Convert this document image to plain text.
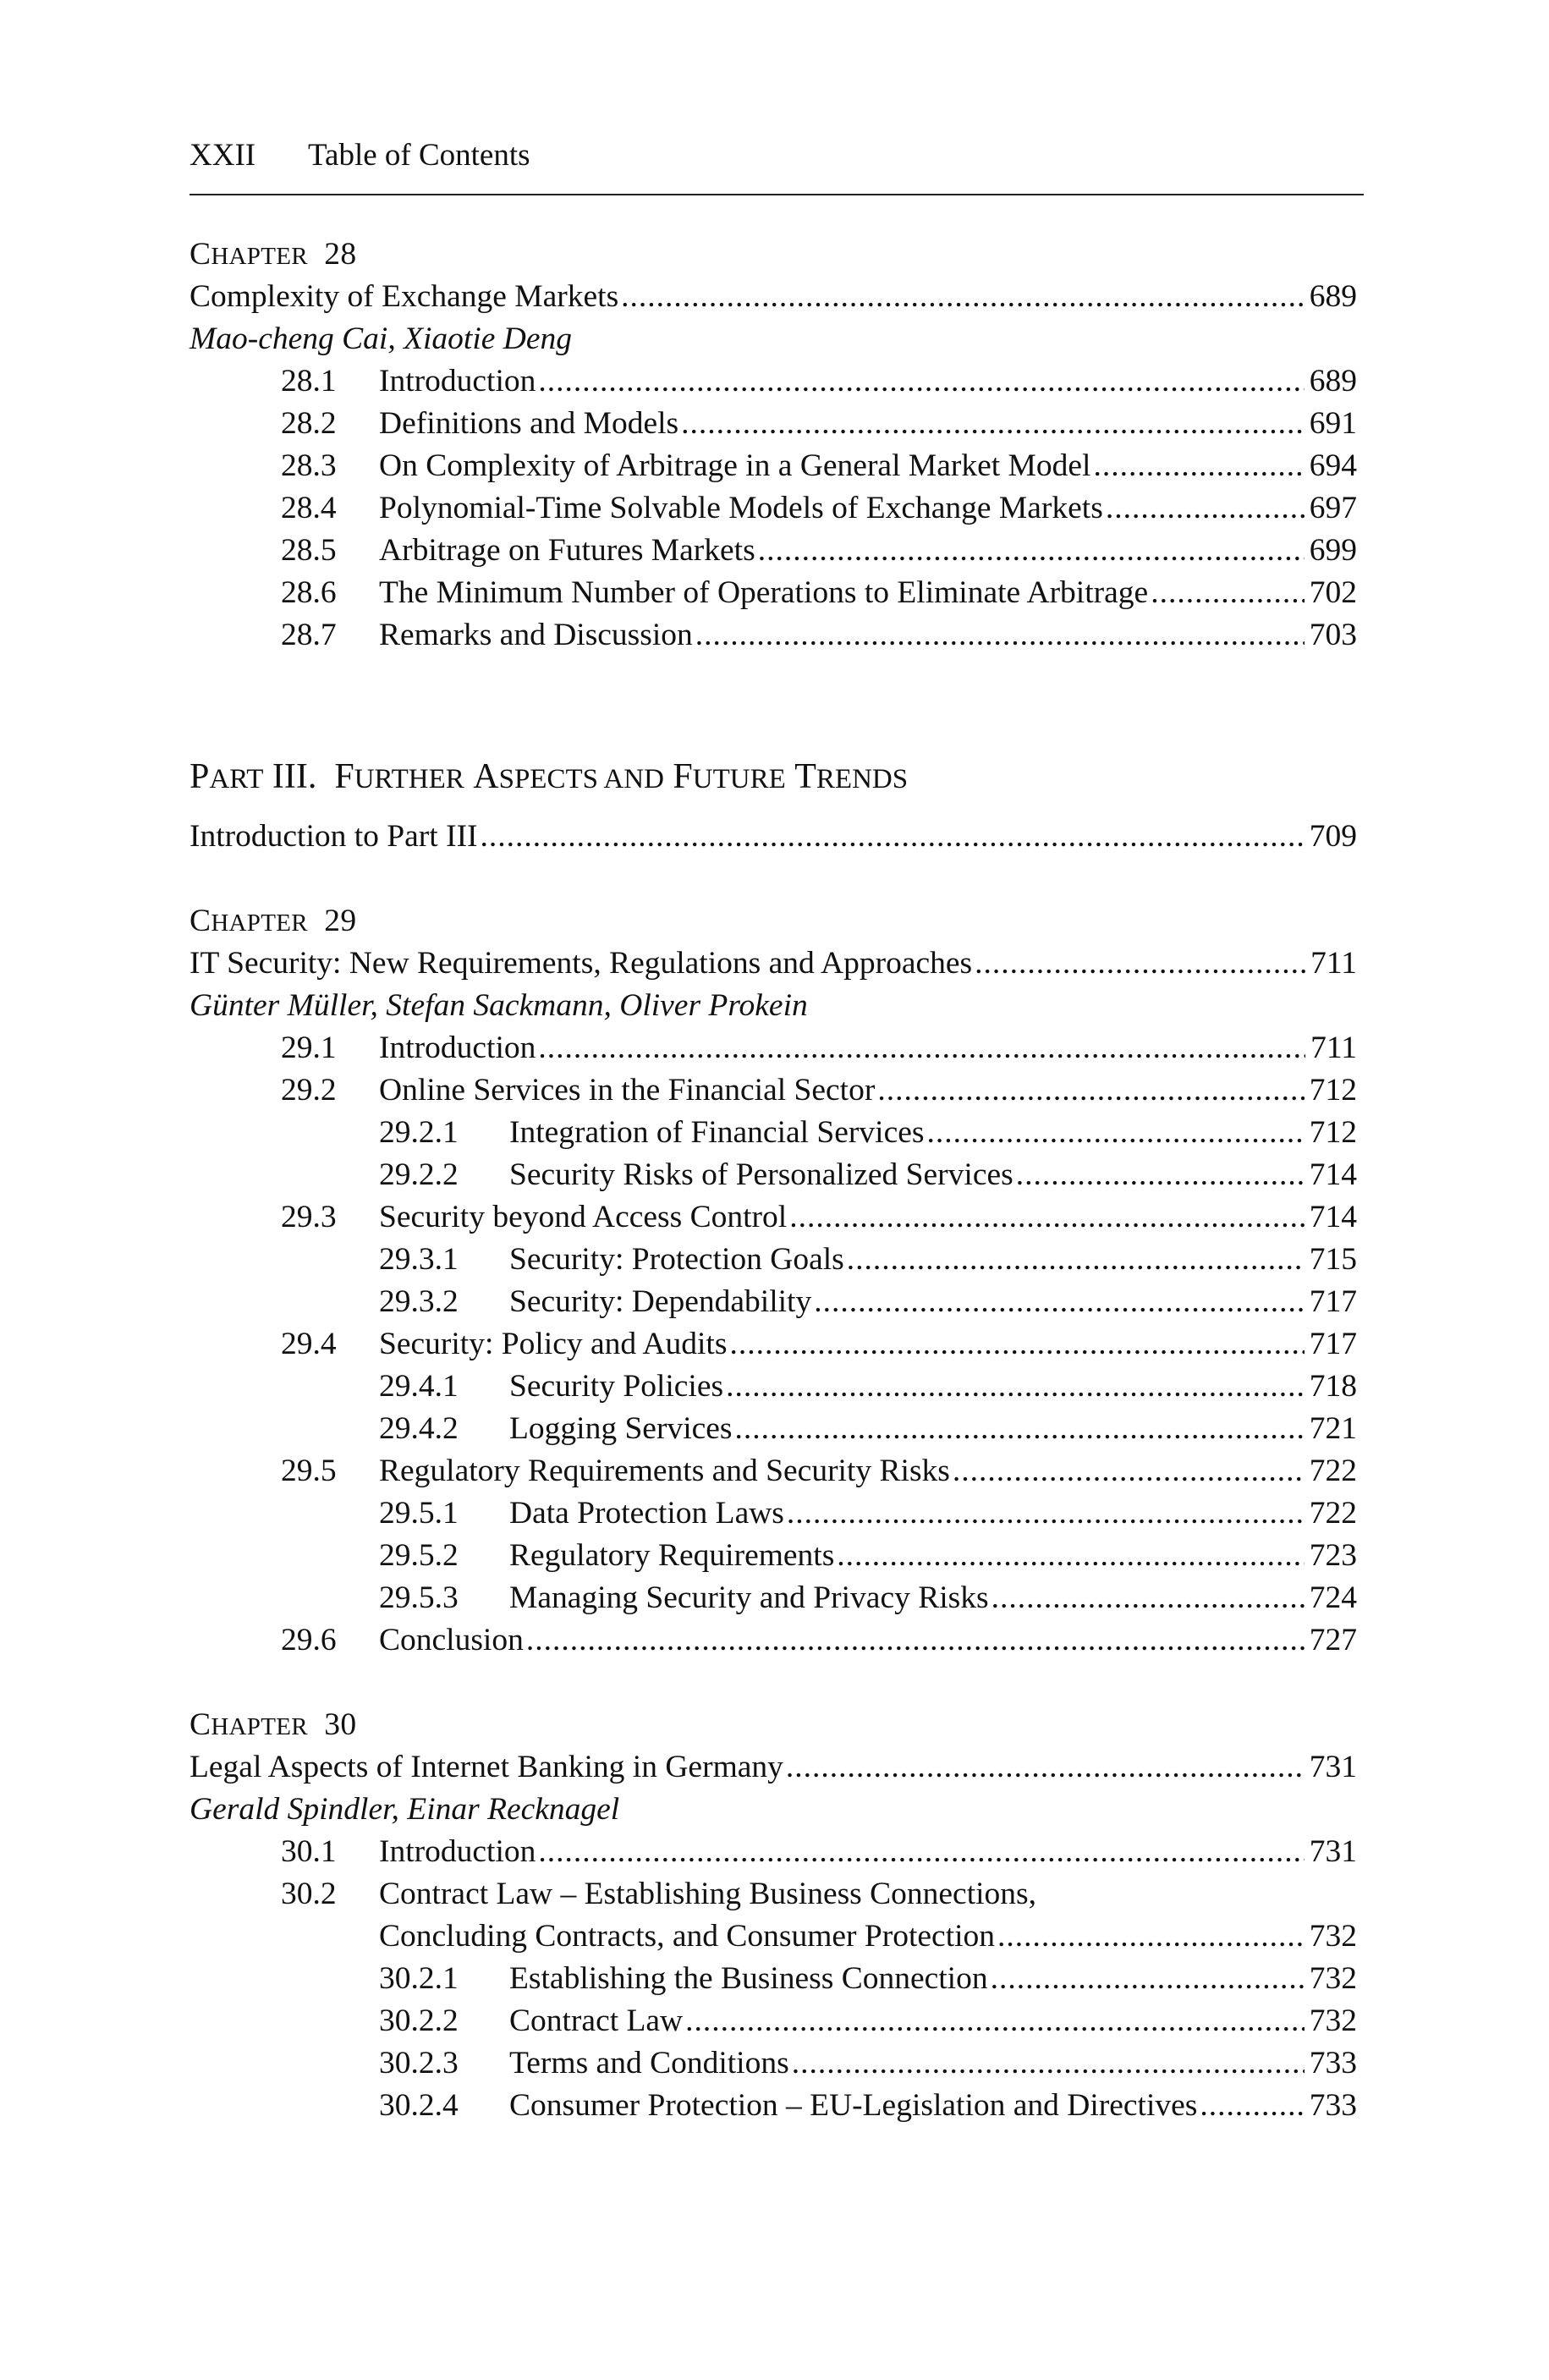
XXII Table of Contents
CHAPTER 28
Complexity of Exchange Markets .....	689
Mao-cheng Cai, Xiaotie Deng
28.1	Introduction .....	689
28.2	Definitions and Models .....	691
28.3	On Complexity of Arbitrage in a General Market Model .....	694
28.4	Polynomial-Time Solvable Models of Exchange Markets .....	697
28.5	Arbitrage on Futures Markets .....	699
28.6	The Minimum Number of Operations to Eliminate Arbitrage .....	702
28.7	Remarks and Discussion .....	703
PART III. FURTHER ASPECTS AND FUTURE TRENDS
Introduction to Part III .....	709
CHAPTER 29
IT Security: New Requirements, Regulations and Approaches .....	711
Günter Müller, Stefan Sackmann, Oliver Prokein
29.1	Introduction .....	711
29.2	Online Services in the Financial Sector .....	712
29.2.1	Integration of Financial Services .....	712
29.2.2	Security Risks of Personalized Services .....	714
29.3	Security beyond Access Control .....	714
29.3.1	Security: Protection Goals .....	715
29.3.2	Security: Dependability .....	717
29.4	Security: Policy and Audits .....	717
29.4.1	Security Policies .....	718
29.4.2	Logging Services .....	721
29.5	Regulatory Requirements and Security Risks .....	722
29.5.1	Data Protection Laws .....	722
29.5.2	Regulatory Requirements .....	723
29.5.3	Managing Security and Privacy Risks .....	724
29.6	Conclusion .....	727
CHAPTER 30
Legal Aspects of Internet Banking in Germany .....	731
Gerald Spindler, Einar Recknagel
30.1	Introduction .....	731
30.2	Contract Law – Establishing Business Connections,
Concluding Contracts, and Consumer Protection .....	732
30.2.1	Establishing the Business Connection .....	732
30.2.2	Contract Law .....	732
30.2.3	Terms and Conditions .....	733
30.2.4	Consumer Protection – EU-Legislation and Directives .....	733
